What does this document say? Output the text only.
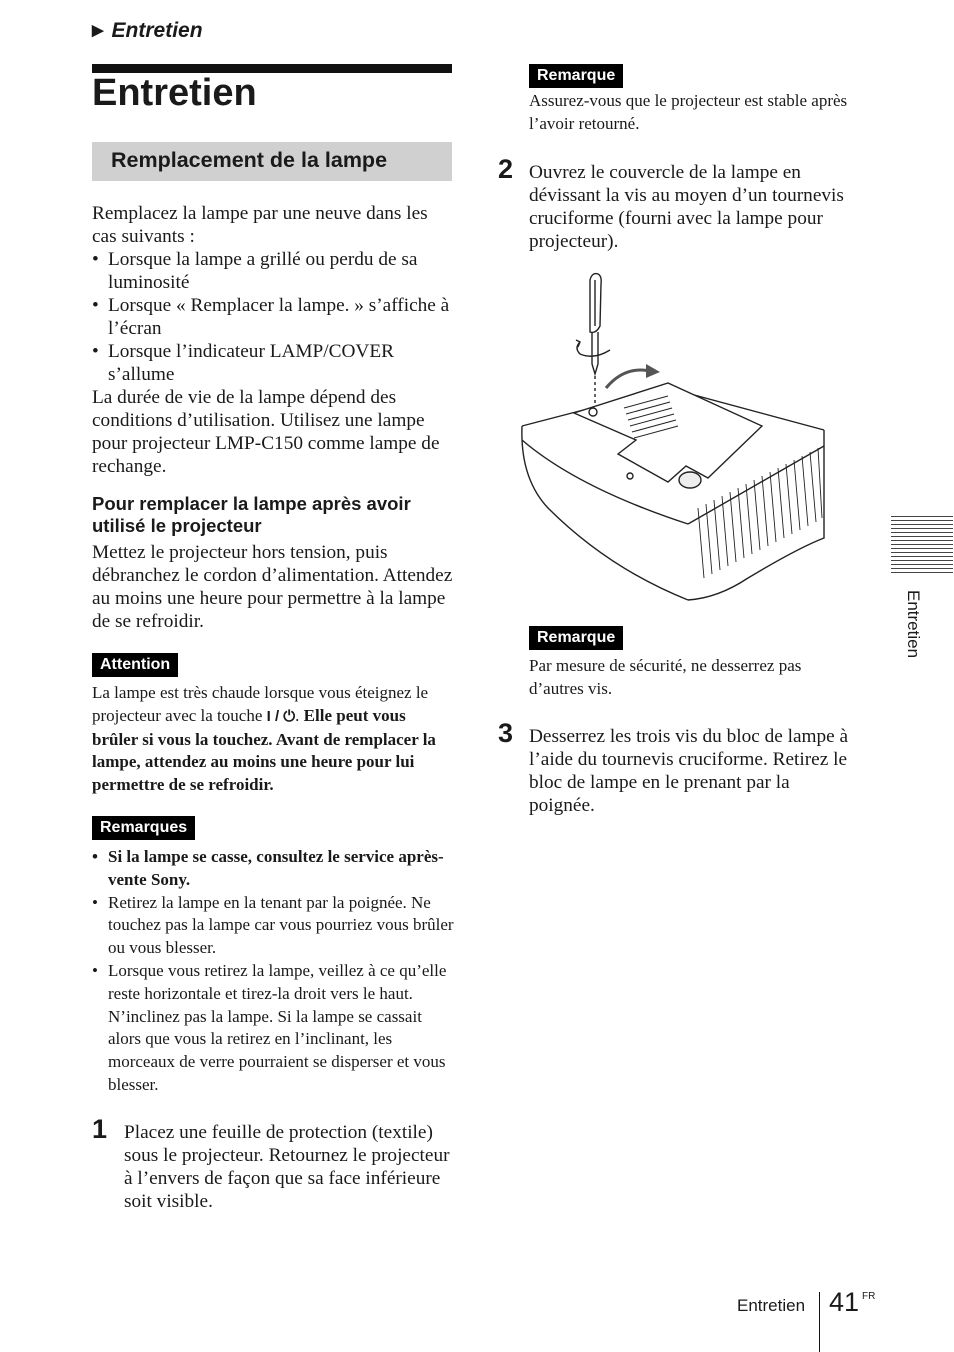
▶ Entretien
Entretien
Remplacement de la lampe

Remplacez la lampe par une neuve dans les cas suivants :

• Lorsque la lampe a grillé ou perdu de sa luminosité
• Lorsque « Remplacer la lampe. » s’affiche à l’écran
• Lorsque l’indicateur LAMP/COVER s’allume

La durée de vie de la lampe dépend des conditions d’utilisation. Utilisez une lampe pour projecteur LMP-C150 comme lampe de rechange.

Pour remplacer la lampe après avoir utilisé le projecteur
Mettez le projecteur hors tension, puis débranchez le cordon d’alimentation. Attendez au moins une heure pour permettre à la lampe de se refroidir.
Attention
La lampe est très chaude lorsque vous éteignez le projecteur avec la touche I / ⏻. Elle peut vous brûler si vous la touchez. Avant de remplacer la lampe, attendez au moins une heure pour lui permettre de se refroidir.
Remarques
• Si la lampe se casse, consultez le service après-vente Sony.
• Retirez la lampe en la tenant par la poignée. Ne touchez pas la lampe car vous pourriez vous brûler ou vous blesser.
• Lorsque vous retirez la lampe, veillez à ce qu’elle reste horizontale et tirez-la droit vers le haut. N’inclinez pas la lampe. Si la lampe se cassait alors que vous la retirez en l’inclinant, les morceaux de verre pourraient se disperser et vous blesser.
1 Placez une feuille de protection (textile) sous le projecteur. Retournez le projecteur à l’envers de façon que sa face inférieure soit visible.
Remarque
Assurez-vous que le projecteur est stable après l’avoir retourné.
2 Ouvrez le couvercle de la lampe en dévissant la vis au moyen d’un tournevis cruciforme (fourni avec la lampe pour projecteur).
Remarque
Par mesure de sécurité, ne desserrez pas d’autres vis.
3 Desserrez les trois vis du bloc de lampe à l’aide du tournevis cruciforme. Retirez le bloc de lampe en le prenant par la poignée.
Entretien
Entretien 41 FR
